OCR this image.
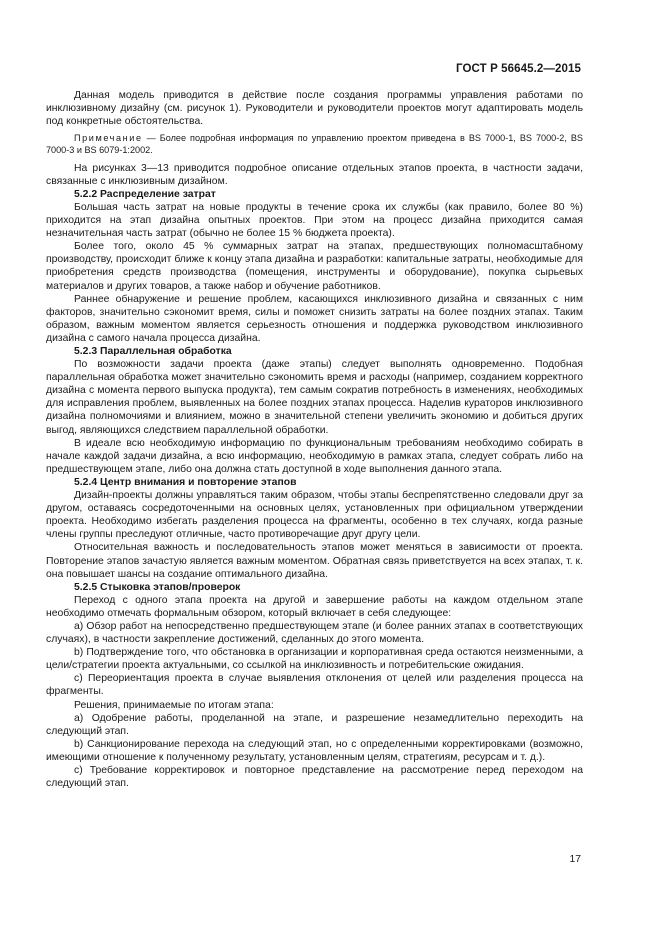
ГОСТ Р 56645.2—2015

Данная модель приводится в действие после создания программы управления работами по инклюзивному дизайну (см. рисунок 1). Руководители и руководители проектов могут адаптировать модель под конкретные обстоятельства.

Примечание — Более подробная информация по управлению проектом приведена в BS 7000-1, BS 7000-2, BS 7000-3 и BS 6079-1:2002.

На рисунках 3—13 приводится подробное описание отдельных этапов проекта, в частности задачи, связанные с инклюзивным дизайном.

5.2.2 Распределение затрат

Большая часть затрат на новые продукты в течение срока их службы (как правило, более 80 %) приходится на этап дизайна опытных проектов. При этом на процесс дизайна приходится самая незначительная часть затрат (обычно не более 15 % бюджета проекта).

Более того, около 45 % суммарных затрат на этапах, предшествующих полномасштабному производству, происходит ближе к концу этапа дизайна и разработки: капитальные затраты, необходимые для приобретения средств производства (помещения, инструменты и оборудование), покупка сырьевых материалов и других товаров, а также набор и обучение работников.

Раннее обнаружение и решение проблем, касающихся инклюзивного дизайна и связанных с ним факторов, значительно сэкономит время, силы и поможет снизить затраты на более поздних этапах. Таким образом, важным моментом является серьезность отношения и поддержка руководством инклюзивного дизайна с самого начала процесса дизайна.

5.2.3 Параллельная обработка

По возможности задачи проекта (даже этапы) следует выполнять одновременно. Подобная параллельная обработка может значительно сэкономить время и расходы (например, созданием корректного дизайна с момента первого выпуска продукта), тем самым сократив потребность в изменениях, необходимых для исправления проблем, выявленных на более поздних этапах процесса. Наделив кураторов инклюзивного дизайна полномочиями и влиянием, можно в значительной степени увеличить экономию и добиться других выгод, являющихся следствием параллельной обработки.

В идеале всю необходимую информацию по функциональным требованиям необходимо собирать в начале каждой задачи дизайна, а всю информацию, необходимую в рамках этапа, следует собрать либо на предшествующем этапе, либо она должна стать доступной в ходе выполнения данного этапа.

5.2.4 Центр внимания и повторение этапов

Дизайн-проекты должны управляться таким образом, чтобы этапы беспрепятственно следовали друг за другом, оставаясь сосредоточенными на основных целях, установленных при официальном утверждении проекта. Необходимо избегать разделения процесса на фрагменты, особенно в тех случаях, когда разные члены группы преследуют отличные, часто противоречащие друг другу цели.

Относительная важность и последовательность этапов может меняться в зависимости от проекта. Повторение этапов зачастую является важным моментом. Обратная связь приветствуется на всех этапах, т. к. она повышает шансы на создание оптимального дизайна.

5.2.5 Стыковка этапов/проверок

Переход с одного этапа проекта на другой и завершение работы на каждом отдельном этапе необходимо отмечать формальным обзором, который включает в себя следующее:

а) Обзор работ на непосредственно предшествующем этапе (и более ранних этапах в соответствующих случаях), в частности закрепление достижений, сделанных до этого момента.

b) Подтверждение того, что обстановка в организации и корпоративная среда остаются неизменными, а цели/стратегии проекта актуальными, со ссылкой на инклюзивность и потребительские ожидания.

с) Переориентация проекта в случае выявления отклонения от целей или разделения процесса на фрагменты.

Решения, принимаемые по итогам этапа:

а) Одобрение работы, проделанной на этапе, и разрешение незамедлительно переходить на следующий этап.

b) Санкционирование перехода на следующий этап, но с определенными корректировками (возможно, имеющими отношение к полученному результату, установленным целям, стратегиям, ресурсам и т. д.).

с) Требование корректировок и повторное представление на рассмотрение перед переходом на следующий этап.

17
